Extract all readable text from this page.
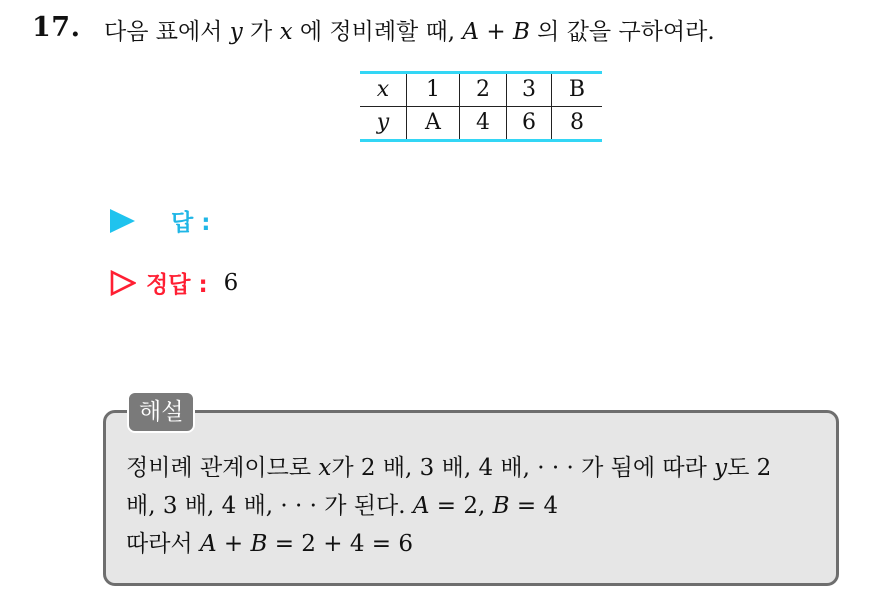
17. 다음 표에서 y 가 x 에 정비례할 때, A + B 의 값을 구하여라.
x	1	2	3	B
y	A	4	6	8
답 :
정답 : 6
해설
정비례 관계이므로 x가 2 배, 3 배, 4 배, · · · 가 됨에 따라 y도 2
배, 3 배, 4 배, · · · 가 된다. A = 2, B = 4
따라서 A + B = 2 + 4 = 6
